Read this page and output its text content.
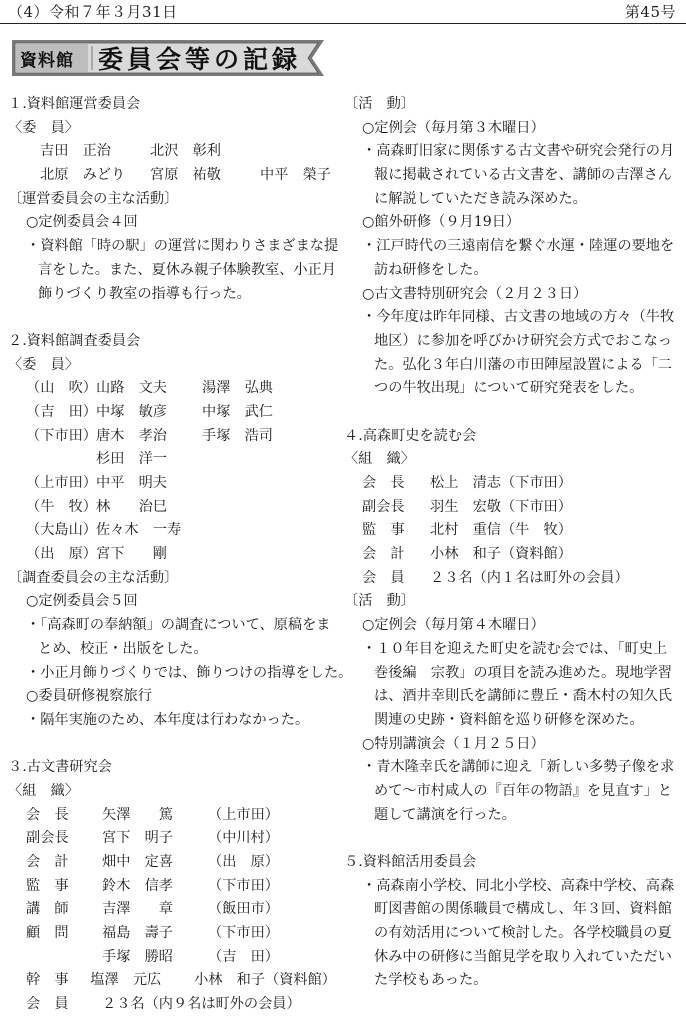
（4）令和７年３月31日	第45号
資料館 委員会等の記録
１.資料館運営委員会
〈委　員〉
吉田　正治	北沢　彰利
北原　みどり	宮原　祐敬	中平　榮子
〔運営委員会の主な活動〕
○定例委員会４回
・資料館「時の駅」の運営に関わりさまざまな提
言をした。また、夏休み親子体験教室、小正月
飾りづくり教室の指導も行った。
２.資料館調査委員会
〈委　員〉
（山　吹） 山路　文夫	湯澤　弘典
（吉　田） 中塚　敏彦	中塚　武仁
（下市田） 唐木　孝治	手塚　浩司
杉田　洋一
（上市田） 中平　明夫
（牛　牧） 林　　治巳
（大島山） 佐々木　一寿
（出　原） 宮下　　剛
〔調査委員会の主な活動〕
○定例委員会５回
・「高森町の奉納額」の調査について、原稿をま
とめ、校正・出版をした。
・小正月飾りづくりでは、飾りつけの指導をした。
○委員研修視察旅行
・隔年実施のため、本年度は行わなかった。
３.古文書研究会
〈組　織〉
会　長	矢澤　　篤	（上市田）
副会長	宮下　明子	（中川村）
会　計	畑中　定喜	（出　原）
監　事	鈴木　信孝	（下市田）
講　師	吉澤　　章	（飯田市）
顧　問	福島　壽子	（下市田）
手塚　勝昭	（吉　田）
幹　事	塩澤　元広	　小林　和子（資料館）
会　員	２３名（内９名は町外の会員）
〔活　動〕
○定例会（毎月第３木曜日）
・高森町旧家に関係する古文書や研究会発行の月
報に掲載されている古文書を、講師の吉澤さん
に解説していただき読み深めた。
○館外研修（９月19日）
・江戸時代の三遠南信を繋ぐ水運・陸運の要地を
訪ね研修をした。
○古文書特別研究会（２月２３日）
・今年度は昨年同様、古文書の地域の方々（牛牧
地区）に参加を呼びかけ研究会方式でおこなっ
た。弘化３年白川藩の市田陣屋設置による「二
つの牛牧出現」について研究発表をした。
４.高森町史を読む会
〈組　織〉
会　長	松上　清志（下市田）
副会長	羽生　宏敬（下市田）
監　事	北村　重信（牛　牧）
会　計	小林　和子（資料館）
会　員	２３名（内１名は町外の会員）
〔活　動〕
○定例会（毎月第４木曜日）
・１０年目を迎えた町史を読む会では、「町史上
巻後編　宗教」の項目を読み進めた。現地学習
は、酒井幸則氏を講師に豊丘・喬木村の知久氏
関連の史跡・資料館を巡り研修を深めた。
○特別講演会（１月２５日）
・青木隆幸氏を講師に迎え「新しい多勢子像を求
めて〜市村咸人の『百年の物語』を見直す」と
題して講演を行った。
５.資料館活用委員会
・高森南小学校、同北小学校、高森中学校、高森
町図書館の関係職員で構成し、年３回、資料館
の有効活用について検討した。各学校職員の夏
休み中の研修に当館見学を取り入れていただい
た学校もあった。
